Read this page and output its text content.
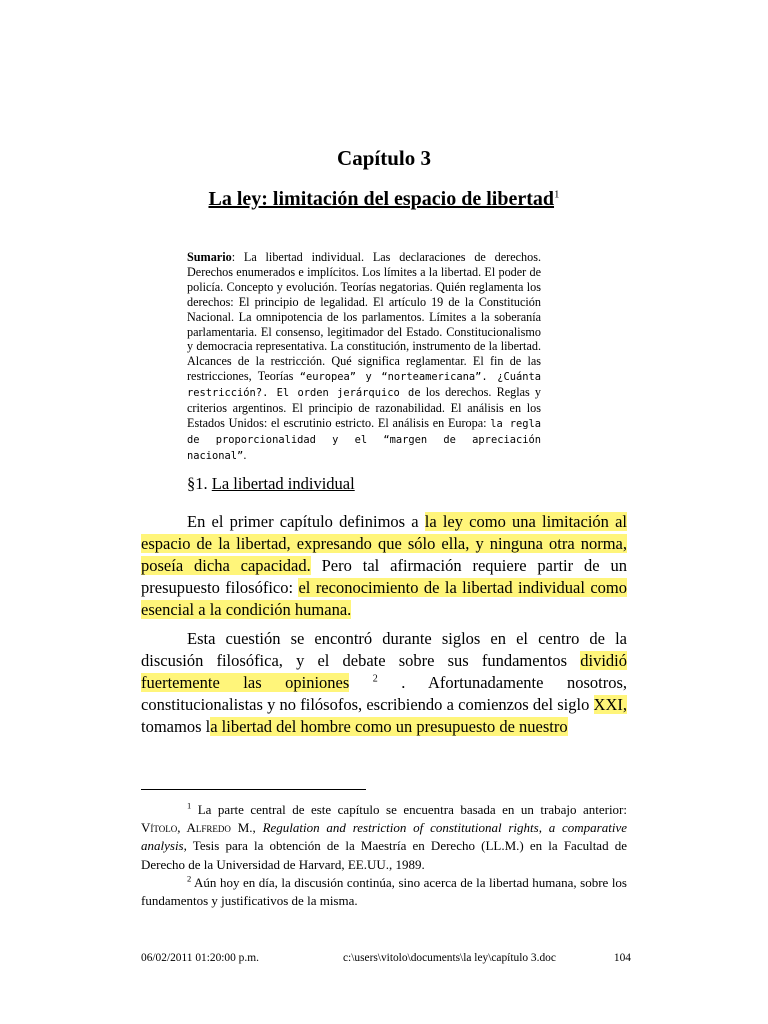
Capítulo 3
La ley: limitación del espacio de libertad$^1$
Sumario: La libertad individual. Las declaraciones de derechos. Derechos enumerados e implícitos. Los límites a la libertad. El poder de policía. Concepto y evolución. Teorías negatorias. Quién reglamenta los derechos: El principio de legalidad. El artículo 19 de la Constitución Nacional. La omnipotencia de los parlamentos. Límites a la soberanía parlamentaria. El consenso, legitimador del Estado. Constitucionalismo y democracia representativa. La constitución, instrumento de la libertad. Alcances de la restricción. Qué significa reglamentar. El fin de las restricciones, Teorías “europea” y “norteamericana”. ¿Cuánta restricción?. El orden jerárquico de los derechos. Reglas y criterios argentinos. El principio de razonabilidad. El análisis en los Estados Unidos: el escrutinio estricto. El análisis en Europa: la regla de proporcionalidad y el “margen de apreciación nacional”.
§1. La libertad individual
En el primer capítulo definimos a la ley como una limitación al espacio de la libertad, expresando que sólo ella, y ninguna otra norma, poseía dicha capacidad. Pero tal afirmación requiere partir de un presupuesto filosófico: el reconocimiento de la libertad individual como esencial a la condición humana.
Esta cuestión se encontró durante siglos en el centro de la discusión filosófica, y el debate sobre sus fundamentos dividió fuertemente las opiniones $^2$ . Afortunadamente nosotros, constitucionalistas y no filósofos, escribiendo a comienzos del siglo XXI, tomamos la libertad del hombre como un presupuesto de nuestro

$^1$ La parte central de este capítulo se encuentra basada en un trabajo anterior: Vítolo, Alfredo M., Regulation and restriction of constitutional rights, a comparative analysis, Tesis para la obtención de la Maestría en Derecho (LL.M.) en la Facultad de Derecho de la Universidad de Harvard, EE.UU., 1989.

$^2$ Aún hoy en día, la discusión continúa, sino acerca de la libertad humana, sobre los fundamentos y justificativos de la misma.

06/02/2011 01:20:00 p.m.	c:\users\vitolo\documents\la ley\capítulo 3.doc	104
